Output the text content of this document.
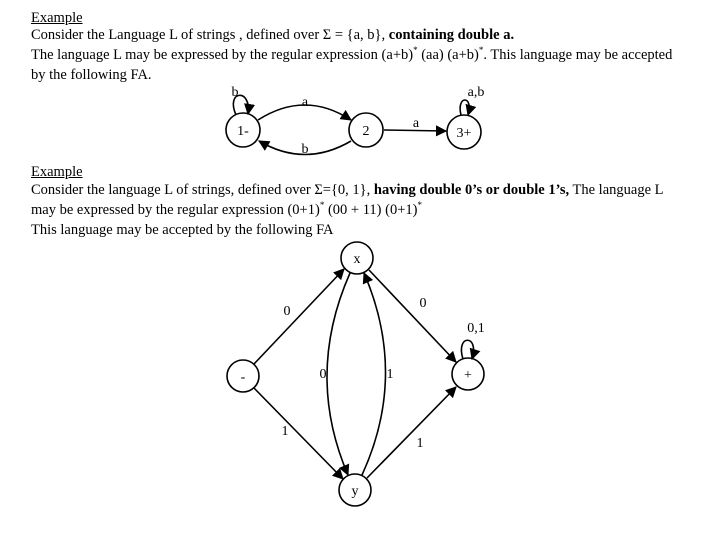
Example
Consider the Language L of strings , defined over Σ = {a, b}, containing double a.
The language L may be expressed by the regular expression (a+b)* (aa) (a+b)*. This language may be accepted
by the following FA.
Example
Consider the language L of strings, defined over Σ={0, 1}, having double 0’s or double 1’s, The language L
may be expressed by the regular expression (0+1)* (00 + 11) (0+1)*
This language may be accepted by the following FA
1-	2	3+
b
a
b
a
a,b
-
x
y
+
0
1
0	1
0
1
0,1
